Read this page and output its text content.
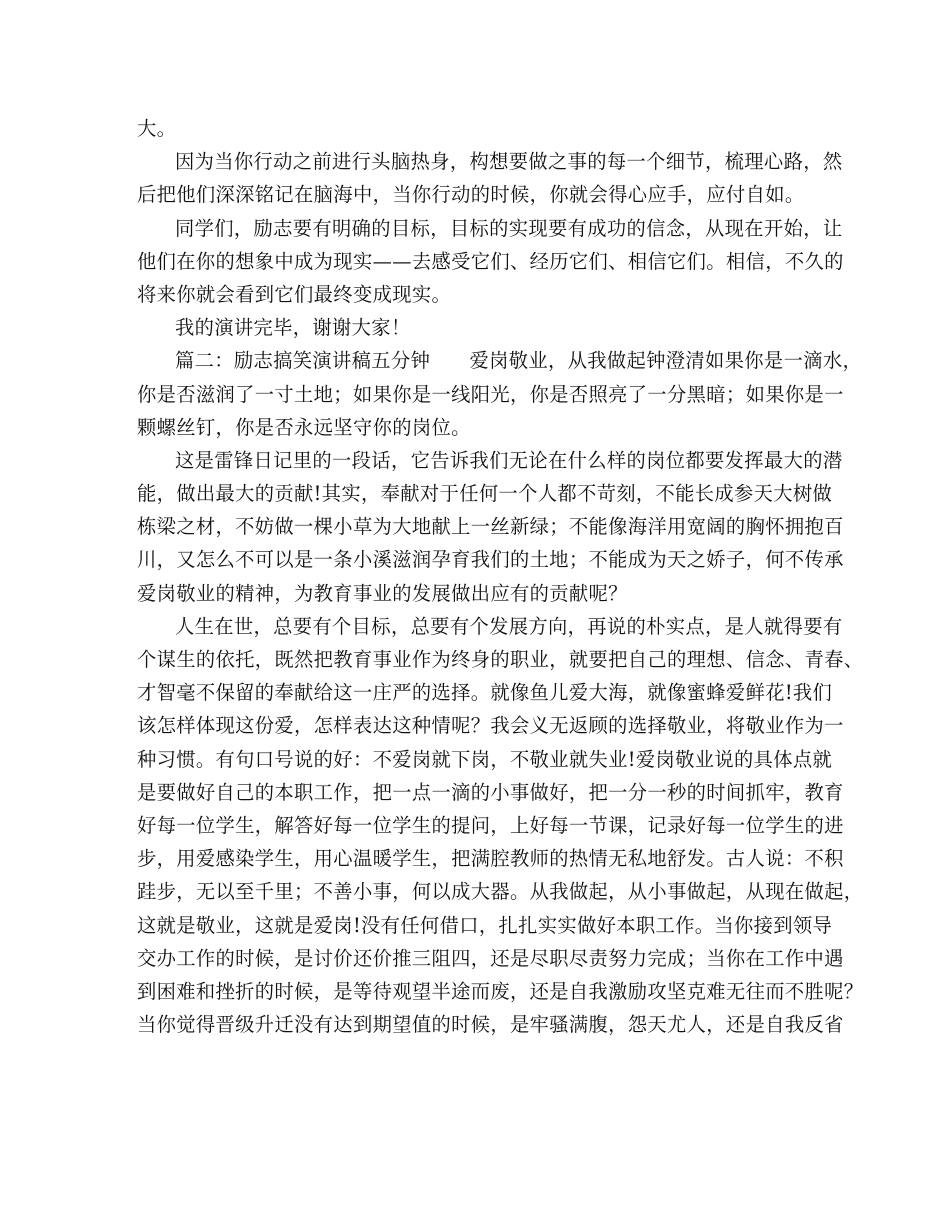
大。
因为当你行动之前进行头脑热身，构想要做之事的每一个细节，梳理心路，然
后把他们深深铭记在脑海中，当你行动的时候，你就会得心应手，应付自如。
同学们，励志要有明确的目标，目标的实现要有成功的信念，从现在开始，让
他们在你的想象中成为现实——去感受它们、经历它们、相信它们。相信，不久的
将来你就会看到它们最终变成现实。
我的演讲完毕，谢谢大家！
篇二：励志搞笑演讲稿五分钟　　爱岗敬业，从我做起钟澄清如果你是一滴水，
你是否滋润了一寸土地；如果你是一线阳光，你是否照亮了一分黑暗；如果你是一
颗螺丝钉，你是否永远坚守你的岗位。
这是雷锋日记里的一段话，它告诉我们无论在什么样的岗位都要发挥最大的潜
能，做出最大的贡献!其实，奉献对于任何一个人都不苛刻，不能长成参天大树做
栋梁之材，不妨做一棵小草为大地献上一丝新绿；不能像海洋用宽阔的胸怀拥抱百
川，又怎么不可以是一条小溪滋润孕育我们的土地；不能成为天之娇子，何不传承
爱岗敬业的精神，为教育事业的发展做出应有的贡献呢？
人生在世，总要有个目标，总要有个发展方向，再说的朴实点，是人就得要有
个谋生的依托，既然把教育事业作为终身的职业，就要把自己的理想、信念、青春、
才智毫不保留的奉献给这一庄严的选择。就像鱼儿爱大海，就像蜜蜂爱鲜花!我们
该怎样体现这份爱，怎样表达这种情呢？我会义无返顾的选择敬业，将敬业作为一
种习惯。有句口号说的好：不爱岗就下岗，不敬业就失业!爱岗敬业说的具体点就
是要做好自己的本职工作，把一点一滴的小事做好，把一分一秒的时间抓牢，教育
好每一位学生，解答好每一位学生的提问，上好每一节课，记录好每一位学生的进
步，用爱感染学生，用心温暖学生，把满腔教师的热情无私地舒发。古人说：不积
跬步，无以至千里；不善小事，何以成大器。从我做起，从小事做起，从现在做起，
这就是敬业，这就是爱岗!没有任何借口，扎扎实实做好本职工作。当你接到领导
交办工作的时候，是讨价还价推三阻四，还是尽职尽责努力完成；当你在工作中遇
到困难和挫折的时候，是等待观望半途而废，还是自我激励攻坚克难无往而不胜呢？
当你觉得晋级升迁没有达到期望值的时候，是牢骚满腹，怨天尤人，还是自我反省
